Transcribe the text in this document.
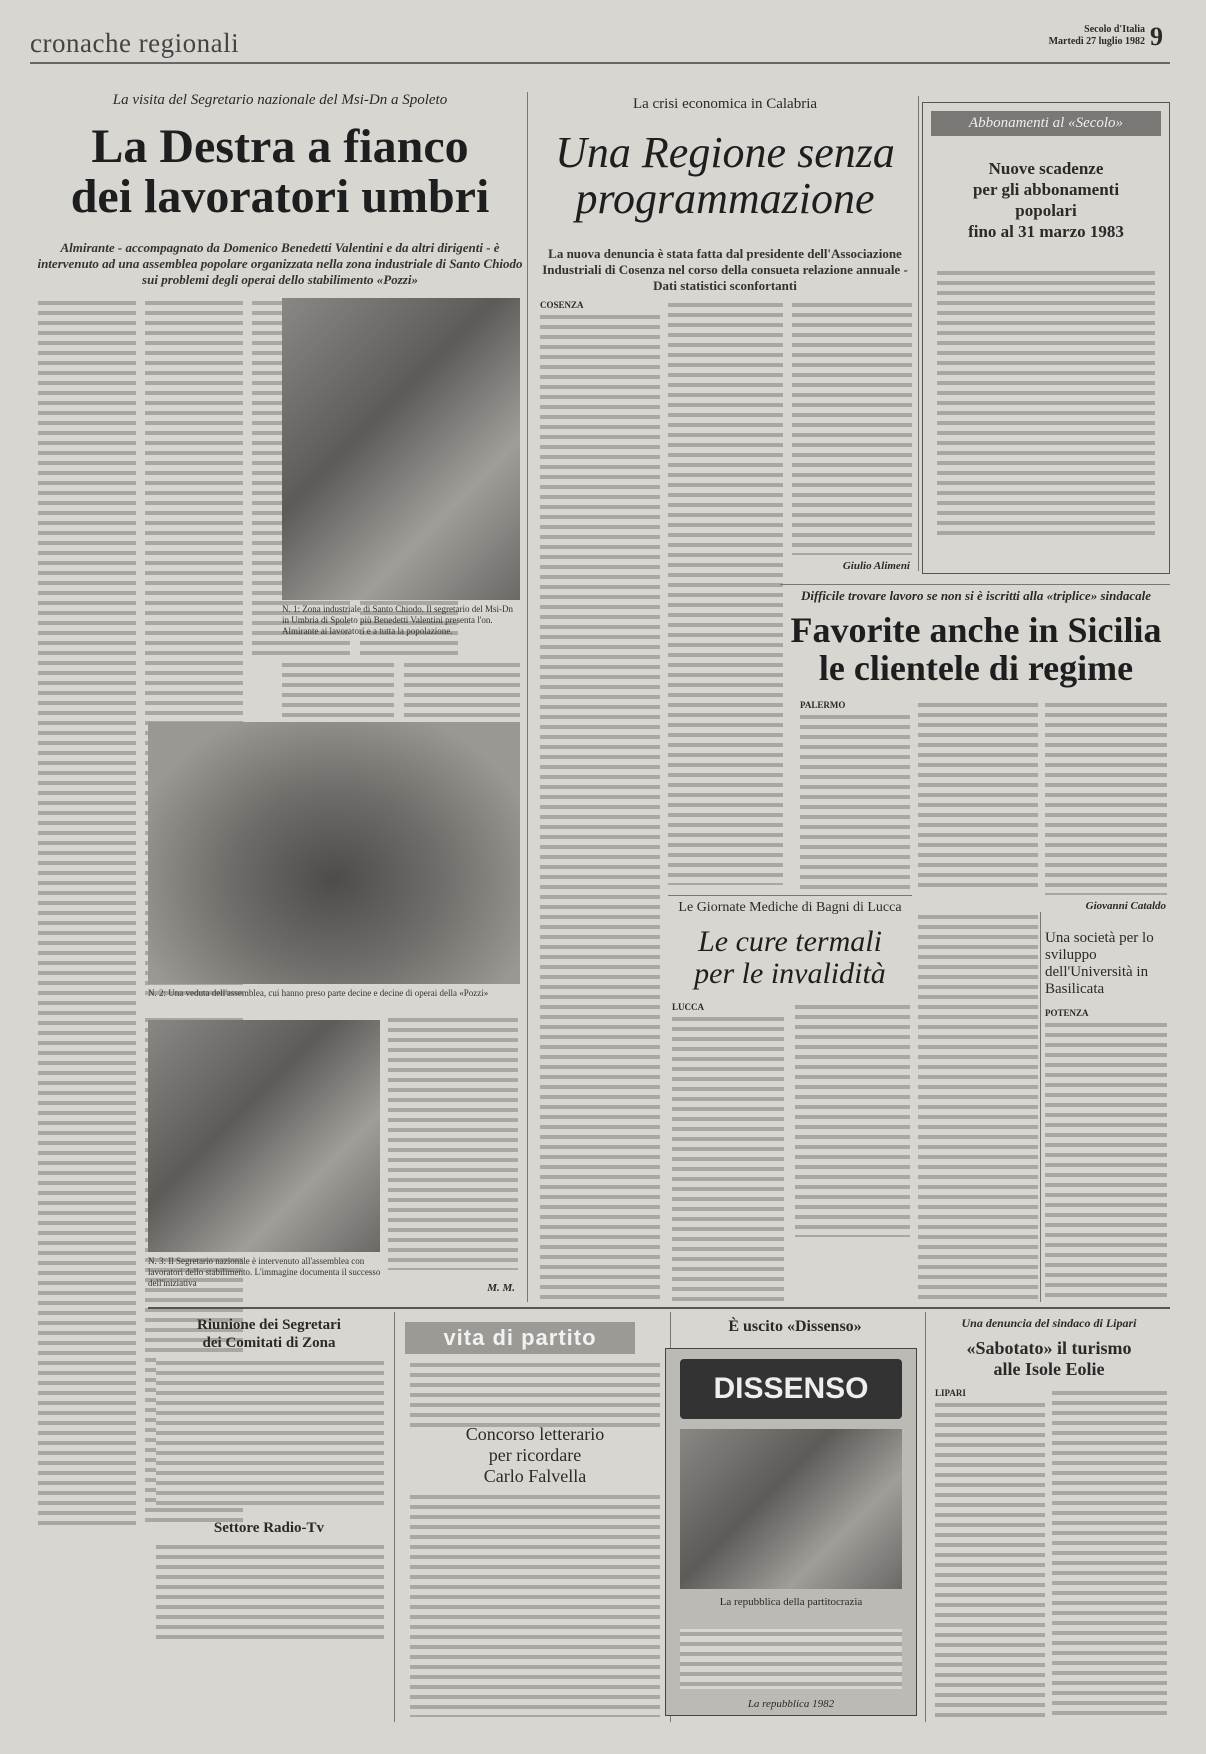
cronache regionali	Secolo d'Italia
Martedì 27 luglio 1982 9
La visita del Segretario nazionale del Msi-Dn a Spoleto
La Destra a fianco
dei lavoratori umbri
Almirante - accompagnato da Domenico Benedetti Valentini e da altri dirigenti - è intervenuto ad una assemblea popolare organizzata nella zona industriale di Santo Chiodo sui problemi degli operai dello stabilimento «Pozzi»
N. 1: Zona industriale di Santo Chiodo. Il segretario del Msi-Dn in Umbria di Spoleto più Benedetti Valentini presenta l'on. Almirante ai lavoratori e a tutta la popolazione.
N. 2: Una veduta dell'assemblea, cui hanno preso parte decine e decine di operai della «Pozzi»
N. 3: Il Segretario nazionale è intervenuto all'assemblea con lavoratori dello stabilimento. L'immagine documenta il successo dell'iniziativa	M. M.
La crisi economica in Calabria
Una Regione senza
programmazione
La nuova denuncia è stata fatta dal presidente dell'Associazione Industriali di Cosenza nel corso della consueta relazione annuale - Dati statistici sconfortanti
COSENZA
Giulio Alimeni
Abbonamenti al «Secolo»
Nuove scadenze
per gli abbonamenti
popolari
fino al 31 marzo 1983
Difficile trovare lavoro se non si è iscritti alla «triplice» sindacale
Favorite anche in Sicilia
le clientele di regime
PALERMO
Giovanni Cataldo
Le Giornate Mediche di Bagni di Lucca
Le cure termali
per le invalidità
LUCCA
Una società per lo sviluppo dell'Università in Basilicata
POTENZA
Riunione dei Segretari
dei Comitati di Zona
Settore Radio-Tv
vita di partito
Concorso letterario
per ricordare
Carlo Falvella
È uscito «Dissenso»
DISSENSO
La repubblica della partitocrazia
La repubblica 1982
Una denuncia del sindaco di Lipari
«Sabotato» il turismo
alle Isole Eolie
LIPARI
